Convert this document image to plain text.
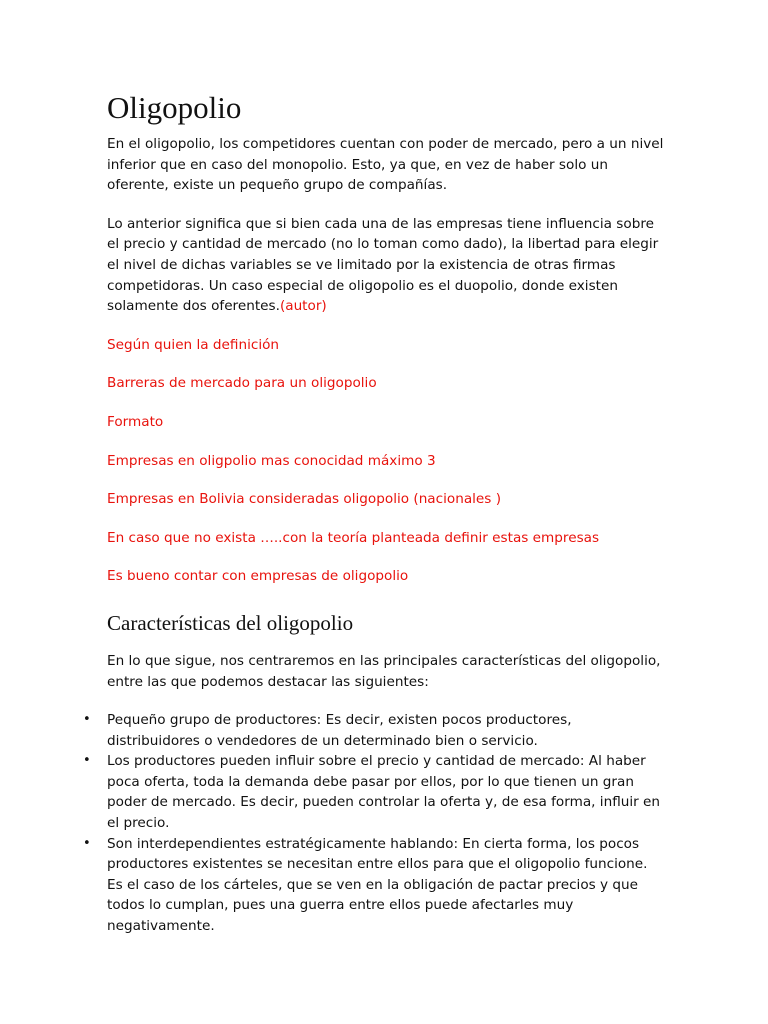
Oligopolio

En el oligopolio, los competidores cuentan con poder de mercado, pero a un nivel inferior que en caso del monopolio. Esto, ya que, en vez de haber solo un oferente, existe un pequeño grupo de compañías.

Lo anterior significa que si bien cada una de las empresas tiene influencia sobre el precio y cantidad de mercado (no lo toman como dado), la libertad para elegir el nivel de dichas variables se ve limitado por la existencia de otras firmas competidoras. Un caso especial de oligopolio es el duopolio, donde existen solamente dos oferentes.(autor)

Según quien la definición

Barreras de mercado para un oligopolio

Formato

Empresas en oligpolio mas conocidad máximo 3

Empresas en Bolivia consideradas oligopolio (nacionales )

En caso que no exista …..con la teoría planteada definir estas empresas

Es bueno contar con empresas de oligopolio

Características del oligopolio

En lo que sigue, nos centraremos en las principales características del oligopolio, entre las que podemos destacar las siguientes:

• Pequeño grupo de productores: Es decir, existen pocos productores, distribuidores o vendedores de un determinado bien o servicio.
• Los productores pueden influir sobre el precio y cantidad de mercado: Al haber poca oferta, toda la demanda debe pasar por ellos, por lo que tienen un gran poder de mercado. Es decir, pueden controlar la oferta y, de esa forma, influir en el precio.
• Son interdependientes estratégicamente hablando: En cierta forma, los pocos productores existentes se necesitan entre ellos para que el oligopolio funcione. Es el caso de los cárteles, que se ven en la obligación de pactar precios y que todos lo cumplan, pues una guerra entre ellos puede afectarles muy negativamente.
